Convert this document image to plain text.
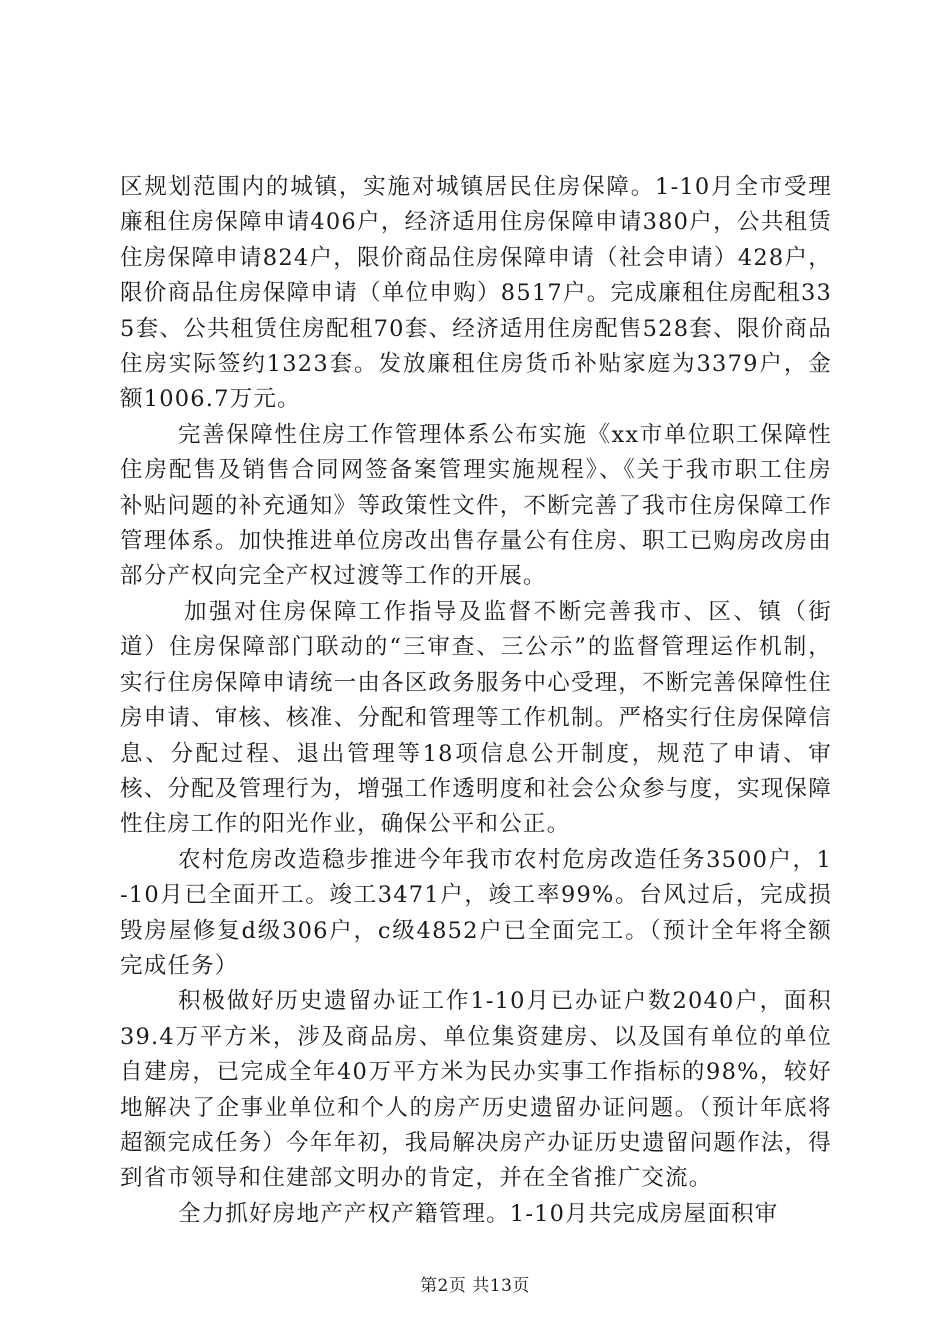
区规划范围内的城镇，实施对城镇居民住房保障。1-10月全市受理廉租住房保障申请406户，经济适用住房保障申请380户，公共租赁住房保障申请824户，限价商品住房保障申请（社会申请）428户，限价商品住房保障申请（单位申购）8517户。完成廉租住房配租335套、公共租赁住房配租70套、经济适用住房配售528套、限价商品住房实际签约1323套。发放廉租住房货币补贴家庭为3379户，金额1006.7万元。

完善保障性住房工作管理体系公布实施《xx市单位职工保障性住房配售及销售合同网签备案管理实施规程》、《关于我市职工住房补贴问题的补充通知》等政策性文件，不断完善了我市住房保障工作管理体系。加快推进单位房改出售存量公有住房、职工已购房改房由部分产权向完全产权过渡等工作的开展。

加强对住房保障工作指导及监督不断完善我市、区、镇（街道）住房保障部门联动的“三审查、三公示”的监督管理运作机制，实行住房保障申请统一由各区政务服务中心受理，不断完善保障性住房申请、审核、核准、分配和管理等工作机制。严格实行住房保障信息、分配过程、退出管理等18项信息公开制度，规范了申请、审核、分配及管理行为，增强工作透明度和社会公众参与度，实现保障性住房工作的阳光作业，确保公平和公正。

农村危房改造稳步推进今年我市农村危房改造任务3500户，1-10月已全面开工。竣工3471户，竣工率99%。台风过后，完成损毁房屋修复d级306户，c级4852户已全面完工。（预计全年将全额完成任务）

积极做好历史遗留办证工作1-10月已办证户数2040户，面积39.4万平方米，涉及商品房、单位集资建房、以及国有单位的单位自建房，已完成全年40万平方米为民办实事工作指标的98%，较好地解决了企事业单位和个人的房产历史遗留办证问题。（预计年底将超额完成任务）今年年初，我局解决房产办证历史遗留问题作法，得到省市领导和住建部文明办的肯定，并在全省推广交流。

全力抓好房地产产权产籍管理。1-10月共完成房屋面积审

第2页 共13页
